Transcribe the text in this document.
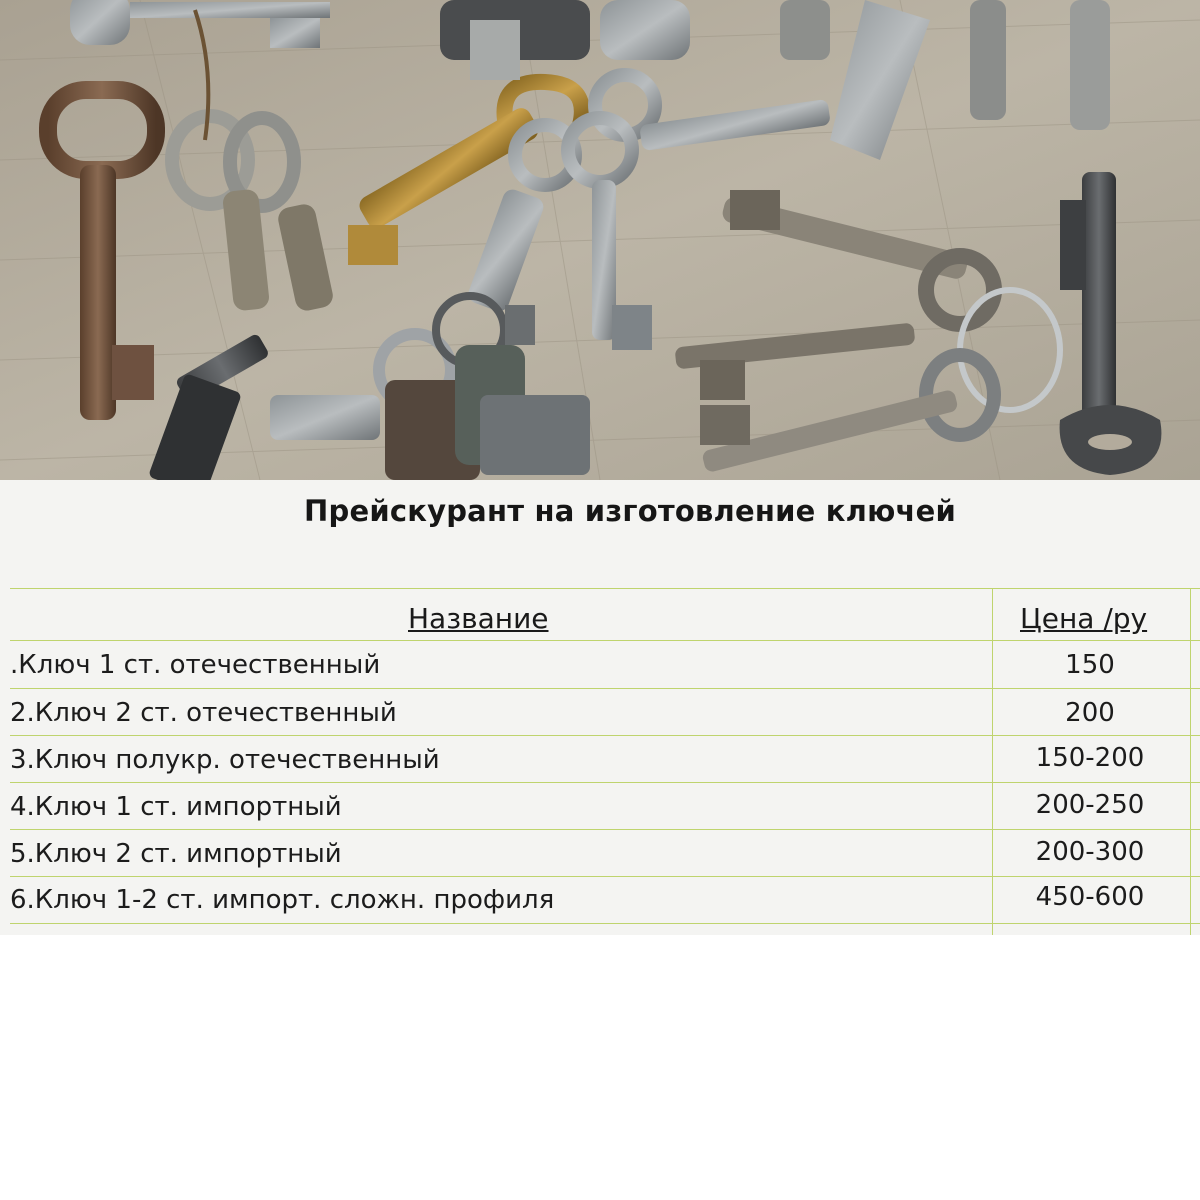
Прейскурант на изготовление ключей
Название	Цена /ру
.Ключ 1 ст. отечественный	150
2.Ключ 2 ст. отечественный	200
3.Ключ полукр. отечественный	150-200
4.Ключ 1 ст. импортный	200-250
5.Ключ 2 ст. импортный	200-300
6.Ключ 1-2 ст. импорт. сложн. профиля	450-600
